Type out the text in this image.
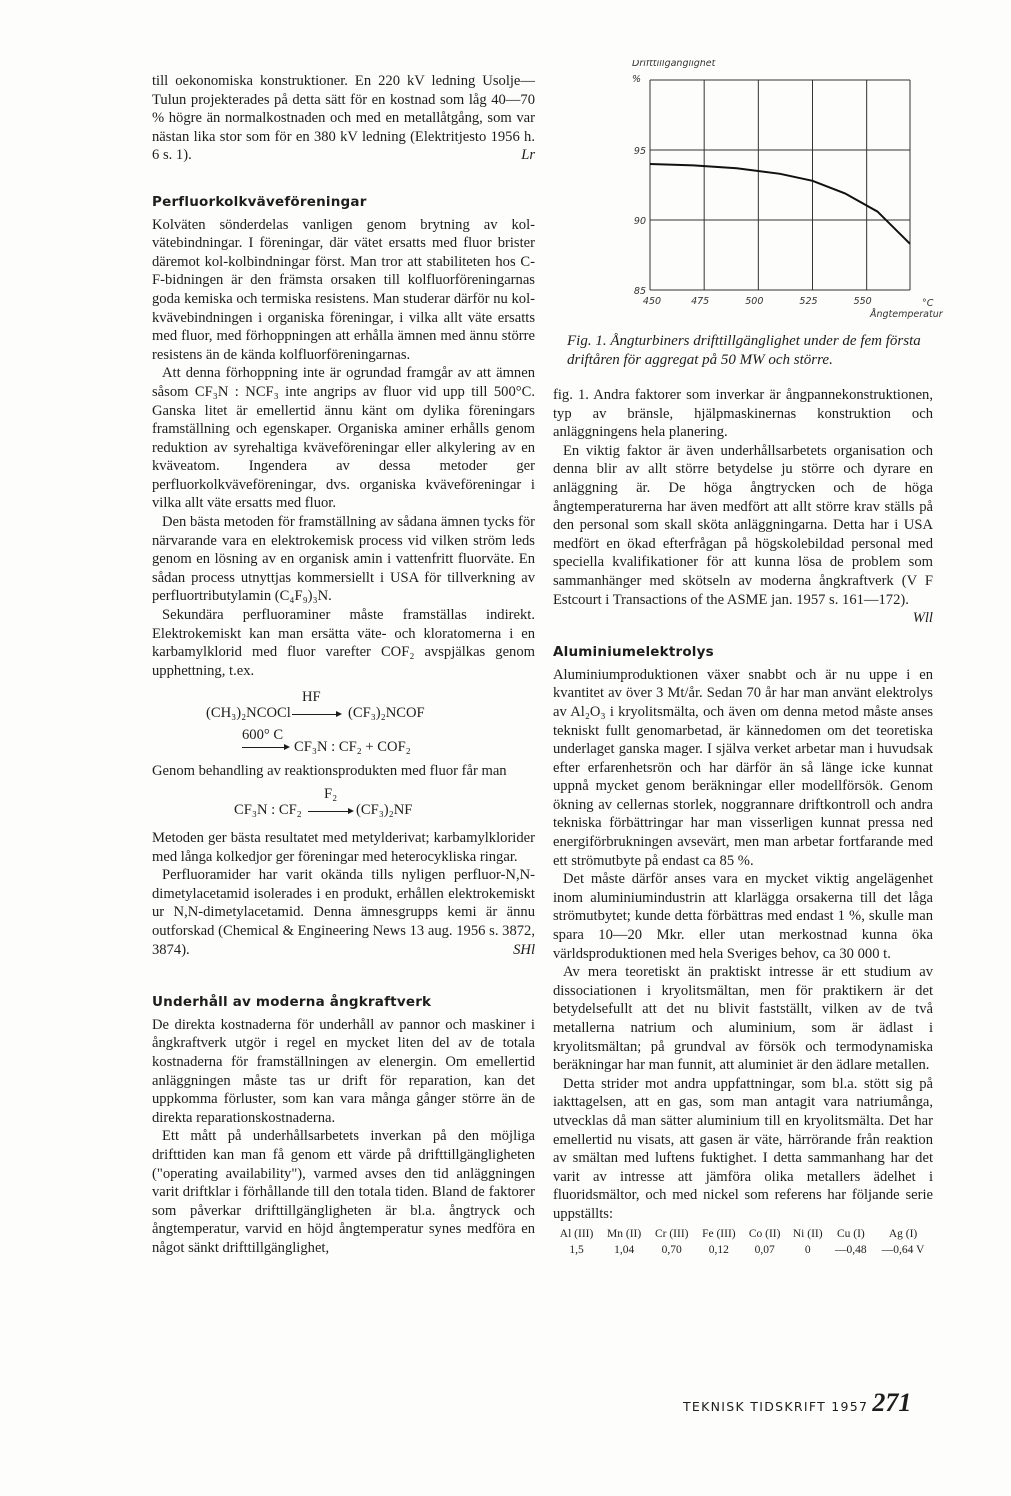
till oekonomiska konstruktioner. En 220 kV ledning Usolje—Tulun projekterades på detta sätt för en kostnad som låg 40—70 % högre än normalkostnaden och med en metallåtgång, som var nästan lika stor som för en 380 kV ledning (Elektritjesto 1956 h. 6 s. 1).	Lr

Perfluorkolkväveföreningar

Kolväten sönderdelas vanligen genom brytning av kol-vätebindningar. I föreningar, där vätet ersatts med fluor brister däremot kol-kolbindningar först. Man tror att stabiliteten hos C-F-bidningen är den främsta orsaken till kolfluorföreningarnas goda kemiska och termiska resistens. Man studerar därför nu kol-kvävebindningen i organiska föreningar, i vilka allt väte ersatts med fluor, med förhoppningen att erhålla ämnen med ännu större resistens än de kända kolfluorföreningarnas.

Att denna förhoppning inte är ogrundad framgår av att ämnen såsom CF₃N : NCF₃ inte angrips av fluor vid upp till 500°C. Ganska litet är emellertid ännu känt om dylika föreningars framställning och egenskaper. Organiska aminer erhålls genom reduktion av syrehaltiga kväveföreningar eller alkylering av en kväveatom. Ingendera av dessa metoder ger perfluorkolkväveföreningar, dvs. organiska kväveföreningar i vilka allt väte ersatts med fluor.

Den bästa metoden för framställning av sådana ämnen tycks för närvarande vara en elektrokemisk process vid vilken ström leds genom en lösning av en organisk amin i vattenfritt fluorväte. En sådan process utnyttjas kommersiellt i USA för tillverkning av perfluortributylamin (C₄F₉)₃N.

Sekundära perfluoraminer måste framställas indirekt. Elektrokemiskt kan man ersätta väte- och kloratomerna i en karbamylklorid med fluor varefter COF₂ avspjälkas genom upphettning, t.ex.

(CH₃)₂NCOCl
HF
(CF₃)₂NCOF
600° C
CF₃N : CF₂ + COF₂

Genom behandling av reaktionsprodukten med fluor får man

CF₃N : CF₂
F₂
(CF₃)₂NF

Metoden ger bästa resultatet med metylderivat; karbamylklorider med långa kolkedjor ger föreningar med heterocykliska ringar.

Perfluoramider har varit okända tills nyligen perfluor-N,N-dimetylacetamid isolerades i en produkt, erhållen elektrokemiskt ur N,N-dimetylacetamid. Denna ämnesgrupps kemi är ännu outforskad (Chemical & Engineering News 13 aug. 1956 s. 3872, 3874).	SHl

Underhåll av moderna ångkraftverk

De direkta kostnaderna för underhåll av pannor och maskiner i ångkraftverk utgör i regel en mycket liten del av de totala kostnaderna för framställningen av elenergin. Om emellertid anläggningen måste tas ur drift för reparation, kan det uppkomma förluster, som kan vara många gånger större än de direkta reparationskostnaderna.

Ett mått på underhållsarbetets inverkan på den möjliga drifttiden kan man få genom ett värde på drifttillgängligheten ("operating availability"), varmed avses den tid anläggningen varit driftklar i förhållande till den totala tiden. Bland de faktorer som påverkar drifttillgängligheten är bl.a. ångtryck och ångtemperatur, varvid en höjd ångtemperatur synes medföra en något sänkt drifttillgänglighet,

450	475	500	525	550
85
90
95
Drifttillgänglighet
%
°C
Ångtemperatur

Fig. 1. Ångturbiners drifttillgänglighet under de fem första driftåren för aggregat på 50 MW och större.

fig. 1. Andra faktorer som inverkar är ångpannekonstruktionen, typ av bränsle, hjälpmaskinernas konstruktion och anläggningens hela planering.

En viktig faktor är även underhållsarbetets organisation och denna blir av allt större betydelse ju större och dyrare en anläggning är. De höga ångtrycken och de höga ångtemperaturerna har även medfört att allt större krav ställs på den personal som skall sköta anläggningarna. Detta har i USA medfört en ökad efterfrågan på högskolebildad personal med speciella kvalifikationer för att kunna lösa de problem som sammanhänger med skötseln av moderna ångkraftverk (V F Estcourt i Transactions of the ASME jan. 1957 s. 161—172).
Wll

Aluminiumelektrolys

Aluminiumproduktionen växer snabbt och är nu uppe i en kvantitet av över 3 Mt/år. Sedan 70 år har man använt elektrolys av Al₂O₃ i kryolitsmälta, och även om denna metod måste anses tekniskt fullt genomarbetad, är kännedomen om det teoretiska underlaget ganska mager. I själva verket arbetar man i huvudsak efter erfarenhetsrön och har därför än så länge icke kunnat uppnå mycket genom beräkningar eller modellförsök. Genom ökning av cellernas storlek, noggrannare driftkontroll och andra tekniska förbättringar har man visserligen kunnat pressa ned energiförbrukningen avsevärt, men man arbetar fortfarande med ett strömutbyte på endast ca 85 %.

Det måste därför anses vara en mycket viktig angelägenhet inom aluminiumindustrin att klarlägga orsakerna till det låga strömutbytet; kunde detta förbättras med endast 1 %, skulle man spara 10—20 Mkr. eller utan merkostnad kunna öka världsproduktionen med hela Sveriges behov, ca 30 000 t.

Av mera teoretiskt än praktiskt intresse är ett studium av dissociationen i kryolitsmältan, men för praktikern är det betydelsefullt att det nu blivit fastställt, vilken av de två metallerna natrium och aluminium, som är ädlast i kryolitsmältan; på grundval av försök och termodynamiska beräkningar har man funnit, att aluminiet är den ädlare metallen.

Detta strider mot andra uppfattningar, som bl.a. stött sig på iakttagelsen, att en gas, som man antagit vara natriumånga, utvecklas då man sätter aluminium till en kryolitsmälta. Det har emellertid nu visats, att gasen är väte, härrörande från reaktion av smältan med luftens fuktighet. I detta sammanhang har det varit av intresse att jämföra olika metallers ädelhet i fluoridsmältor, och med nickel som referens har följande serie uppställts:

Al (III)	Mn (II)	Cr (III)	Fe (III)	Co (II)	Ni (II)	Cu (I)	Ag (I)
1,5	1,04	0,70	0,12	0,07	0	—0,48	—0,64 V
TEKNISK TIDSKRIFT 1957 271
